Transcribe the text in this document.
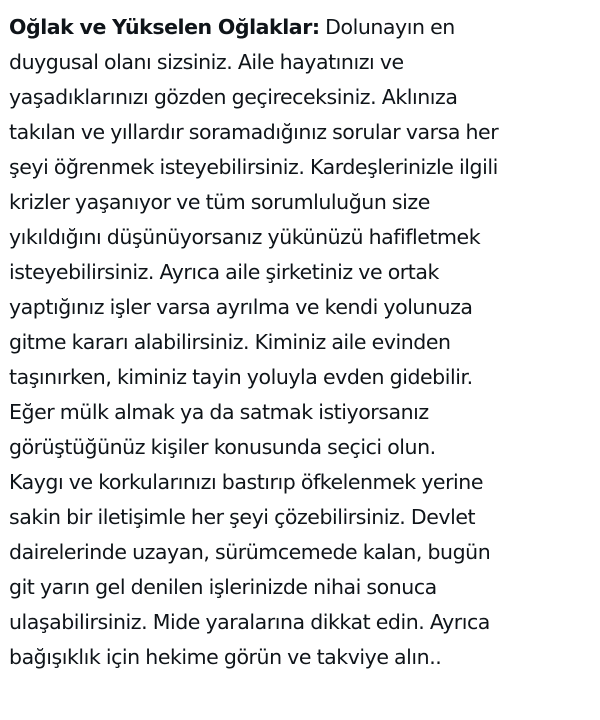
Oğlak ve Yükselen Oğlaklar: Dolunayın en
duygusal olanı sizsiniz. Aile hayatınızı ve
yaşadıklarınızı gözden geçireceksiniz. Aklınıza
takılan ve yıllardır soramadığınız sorular varsa her
şeyi öğrenmek isteyebilirsiniz. Kardeşlerinizle ilgili
krizler yaşanıyor ve tüm sorumluluğun size
yıkıldığını düşünüyorsanız yükünüzü hafifletmek
isteyebilirsiniz. Ayrıca aile şirketiniz ve ortak
yaptığınız işler varsa ayrılma ve kendi yolunuza
gitme kararı alabilirsiniz. Kiminiz aile evinden
taşınırken, kiminiz tayin yoluyla evden gidebilir.
Eğer mülk almak ya da satmak istiyorsanız
görüştüğünüz kişiler konusunda seçici olun.
Kaygı ve korkularınızı bastırıp öfkelenmek yerine
sakin bir iletişimle her şeyi çözebilirsiniz. Devlet
dairelerinde uzayan, sürümcemede kalan, bugün
git yarın gel denilen işlerinizde nihai sonuca
ulaşabilirsiniz. Mide yaralarına dikkat edin. Ayrıca
bağışıklık için hekime görün ve takviye alın..
